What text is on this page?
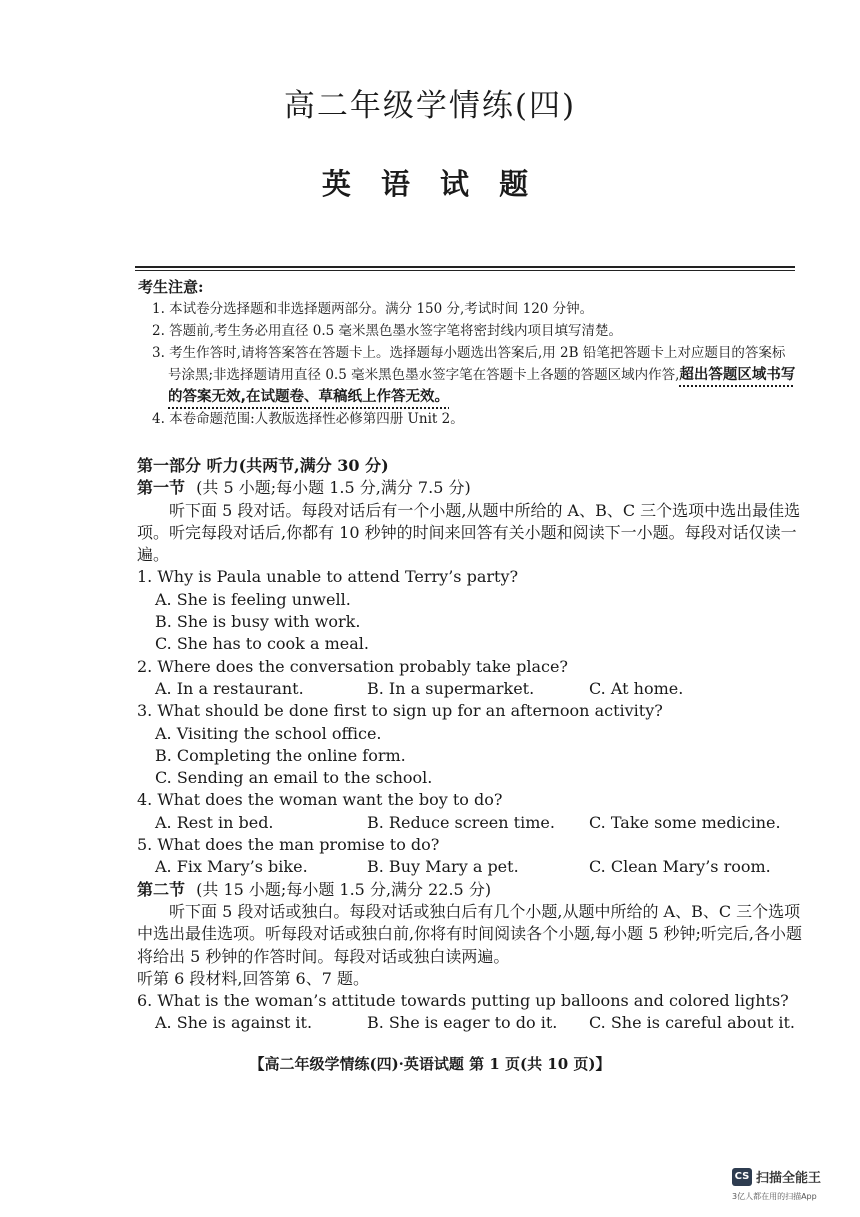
高二年级学情练(四)
英 语 试 题
考生注意:
1. 本试卷分选择题和非选择题两部分。满分 150 分,考试时间 120 分钟。
2. 答题前,考生务必用直径 0.5 毫米黑色墨水签字笔将密封线内项目填写清楚。
3. 考生作答时,请将答案答在答题卡上。选择题每小题选出答案后,用 2B 铅笔把答题卡上对应题目的答案标号涂黑;非选择题请用直径 0.5 毫米黑色墨水签字笔在答题卡上各题的答题区域内作答,超出答题区域书写的答案无效,在试题卷、草稿纸上作答无效。
4. 本卷命题范围:人教版选择性必修第四册 Unit 2。
第一部分 听力(共两节,满分 30 分)
第一节 (共 5 小题;每小题 1.5 分,满分 7.5 分)
听下面 5 段对话。每段对话后有一个小题,从题中所给的 A、B、C 三个选项中选出最佳选项。听完每段对话后,你都有 10 秒钟的时间来回答有关小题和阅读下一小题。每段对话仅读一遍。
1. Why is Paula unable to attend Terry’s party?
A. She is feeling unwell.
B. She is busy with work.
C. She has to cook a meal.
2. Where does the conversation probably take place?
A. In a restaurant.	B. In a supermarket.	C. At home.
3. What should be done first to sign up for an afternoon activity?
A. Visiting the school office.
B. Completing the online form.
C. Sending an email to the school.
4. What does the woman want the boy to do?
A. Rest in bed.	B. Reduce screen time.	C. Take some medicine.
5. What does the man promise to do?
A. Fix Mary’s bike.	B. Buy Mary a pet.	C. Clean Mary’s room.
第二节 (共 15 小题;每小题 1.5 分,满分 22.5 分)
听下面 5 段对话或独白。每段对话或独白后有几个小题,从题中所给的 A、B、C 三个选项中选出最佳选项。听每段对话或独白前,你将有时间阅读各个小题,每小题 5 秒钟;听完后,各小题将给出 5 秒钟的作答时间。每段对话或独白读两遍。
听第 6 段材料,回答第 6、7 题。
6. What is the woman’s attitude towards putting up balloons and colored lights?
A. She is against it.	B. She is eager to do it.	C. She is careful about it.
【高二年级学情练(四)·英语试题 第 1 页(共 10 页)】
CS 扫描全能王
3亿人都在用的扫描App
